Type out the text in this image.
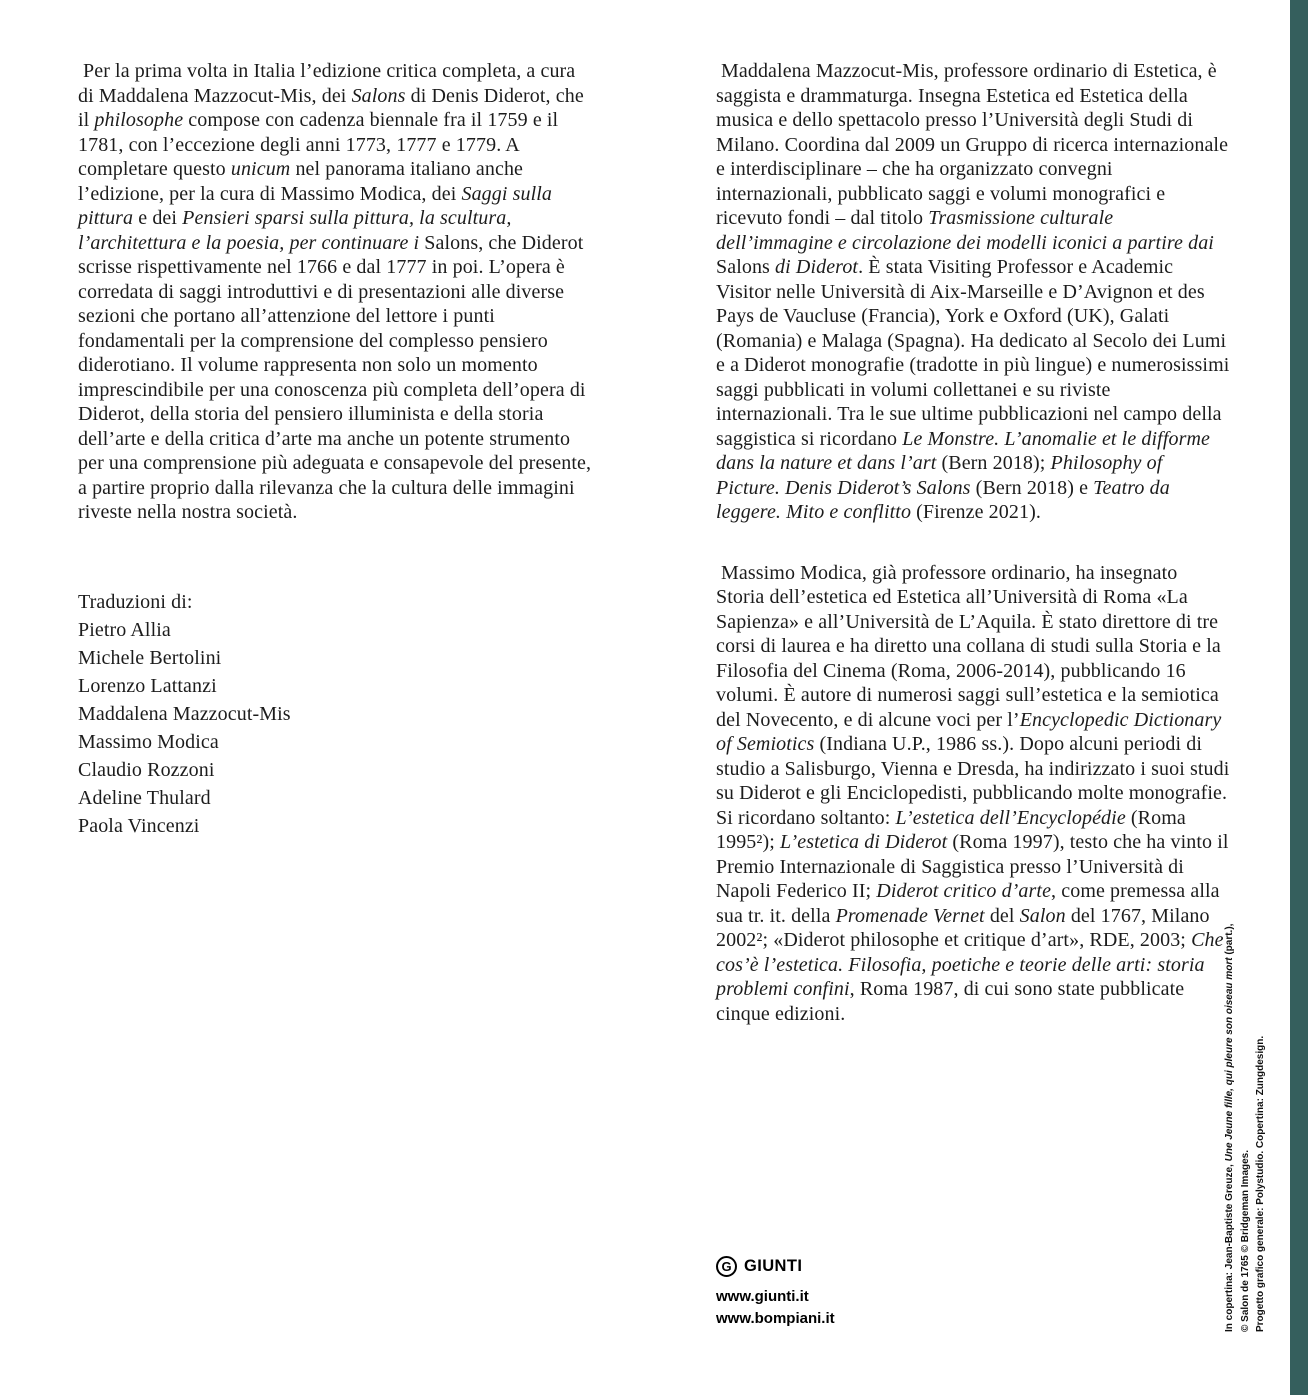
Per la prima volta in Italia l’edizione critica completa, a cura di Maddalena Mazzocut-Mis, dei Salons di Denis Diderot, che il philosophe compose con cadenza biennale fra il 1759 e il 1781, con l’eccezione degli anni 1773, 1777 e 1779. A completare questo unicum nel panorama italiano anche l’edizione, per la cura di Massimo Modica, dei Saggi sulla pittura e dei Pensieri sparsi sulla pittura, la scultura, l’architettura e la poesia, per continuare i Salons, che Diderot scrisse rispettivamente nel 1766 e dal 1777 in poi. L’opera è corredata di saggi introduttivi e di presentazioni alle diverse sezioni che portano all’attenzione del lettore i punti fondamentali per la comprensione del complesso pensiero diderotiano. Il volume rappresenta non solo un momento imprescindibile per una conoscenza più completa dell’opera di Diderot, della storia del pensiero illuminista e della storia dell’arte e della critica d’arte ma anche un potente strumento per una comprensione più adeguata e consapevole del presente, a partire proprio dalla rilevanza che la cultura delle immagini riveste nella nostra società.

Traduzioni di:
Pietro Allia
Michele Bertolini
Lorenzo Lattanzi
Maddalena Mazzocut-Mis
Massimo Modica
Claudio Rozzoni
Adeline Thulard
Paola Vincenzi

Maddalena Mazzocut-Mis, professore ordinario di Estetica, è saggista e drammaturga. Insegna Estetica ed Estetica della musica e dello spettacolo presso l’Università degli Studi di Milano. Coordina dal 2009 un Gruppo di ricerca internazionale e interdisciplinare – che ha organizzato convegni internazionali, pubblicato saggi e volumi monografici e ricevuto fondi – dal titolo Trasmissione culturale dell’immagine e circolazione dei modelli iconici a partire dai Salons di Diderot. È stata Visiting Professor e Academic Visitor nelle Università di Aix-Marseille e D’Avignon et des Pays de Vaucluse (Francia), York e Oxford (UK), Galati (Romania) e Malaga (Spagna). Ha dedicato al Secolo dei Lumi e a Diderot monografie (tradotte in più lingue) e numerosissimi saggi pubblicati in volumi collettanei e su riviste internazionali. Tra le sue ultime pubblicazioni nel campo della saggistica si ricordano Le Monstre. L’anomalie et le difforme dans la nature et dans l’art (Bern 2018); Philosophy of Picture. Denis Diderot’s Salons (Bern 2018) e Teatro da leggere. Mito e conflitto (Firenze 2021).

Massimo Modica, già professore ordinario, ha insegnato Storia dell’estetica ed Estetica all’Università di Roma «La Sapienza» e all’Università de L’Aquila. È stato direttore di tre corsi di laurea e ha diretto una collana di studi sulla Storia e la Filosofia del Cinema (Roma, 2006-2014), pubblicando 16 volumi. È autore di numerosi saggi sull’estetica e la semiotica del Novecento, e di alcune voci per l’Encyclopedic Dictionary of Semiotics (Indiana U.P., 1986 ss.). Dopo alcuni periodi di studio a Salisburgo, Vienna e Dresda, ha indirizzato i suoi studi su Diderot e gli Enciclopedisti, pubblicando molte monografie. Si ricordano soltanto: L’estetica dell’Encyclopédie (Roma 1995²); L’estetica di Diderot (Roma 1997), testo che ha vinto il Premio Internazionale di Saggistica presso l’Università di Napoli Federico II; Diderot critico d’arte, come premessa alla sua tr. it. della Promenade Vernet del Salon del 1767, Milano 2002²; «Diderot philosophe et critique d’art», RDE, 2003; Che cos’è l’estetica. Filosofia, poetiche e teorie delle arti: storia problemi confini, Roma 1987, di cui sono state pubblicate cinque edizioni.

G GIUNTI
www.giunti.it
www.bompiani.it	In copertina: Jean-Baptiste Greuze, Une Jeune fille, qui pleure son oiseau mort (part.),
© Salon de 1765 © Bridgeman Images. Progetto grafico generale: Polystudio. Copertina: Zungdesign.
